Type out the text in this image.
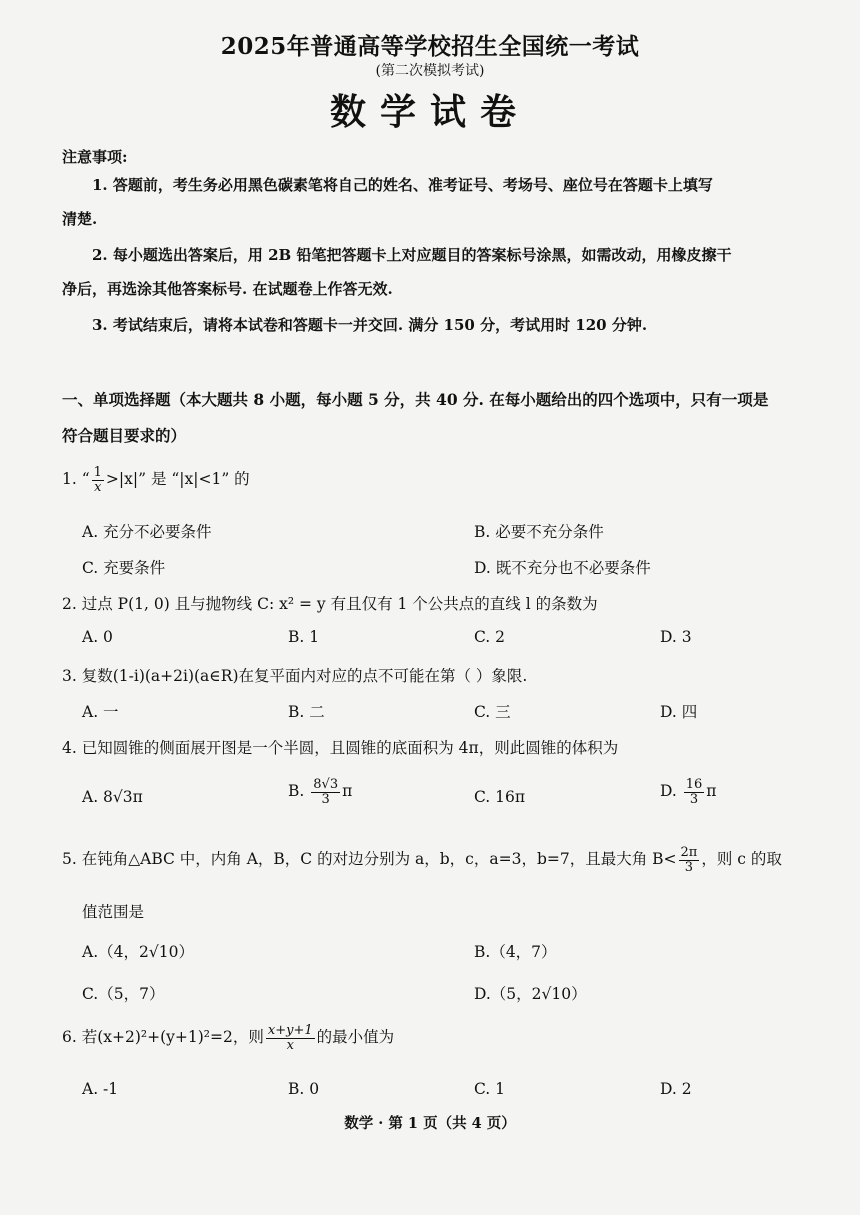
2025年普通高等学校招生全国统一考试
(第二次模拟考试)
数学试卷
注意事项:
1. 答题前，考生务必用黑色碳素笔将自己的姓名、准考证号、考场号、座位号在答题卡上填写
清楚.
2. 每小题选出答案后，用 2B 铅笔把答题卡上对应题目的答案标号涂黑，如需改动，用橡皮擦干
净后，再选涂其他答案标号. 在试题卷上作答无效.
3. 考试结束后，请将本试卷和答题卡一并交回. 满分 150 分，考试用时 120 分钟.
一、单项选择题（本大题共 8 小题，每小题 5 分，共 40 分. 在每小题给出的四个选项中，只有一项是
符合题目要求的）
1. “ $\frac{1}{x} >|x|$” 是 “|x|<1” 的
A. 充分不必要条件	B. 必要不充分条件
C. 充要条件	D. 既不充分也不必要条件
2. 过点 P(1, 0) 且与抛物线 C: x² = y 有且仅有 1 个公共点的直线 l 的条数为
A. 0	B. 1	C. 2	D. 3
3. 复数(1-i)(a+2i)(a∈R)在复平面内对应的点不可能在第（ ）象限.
A. 一	B. 二	C. 三	D. 四
4. 已知圆锥的侧面展开图是一个半圆，且圆锥的底面积为 4π，则此圆锥的体积为
A. 8√3π	B. $\frac{8√3}{3}$ π	C. 16π	D. $\frac{16}{3}$ π
5. 在钝角△ABC 中，内角 A，B，C 的对边分别为 a，b，c，a=3，b=7，且最大角 $B< \frac{2\pi}{3}$ ，则 c 的取
值范围是
A.（4，2√10）	B.（4，7）
C.（5，7）	D.（5，2√10）
6. 若(x+2)²+(y+1)²=2，则 $\frac{x+y+1}{x}$ 的最小值为
A. -1	B. 0	C. 1	D. 2
数学 · 第 1 页（共 4 页）
